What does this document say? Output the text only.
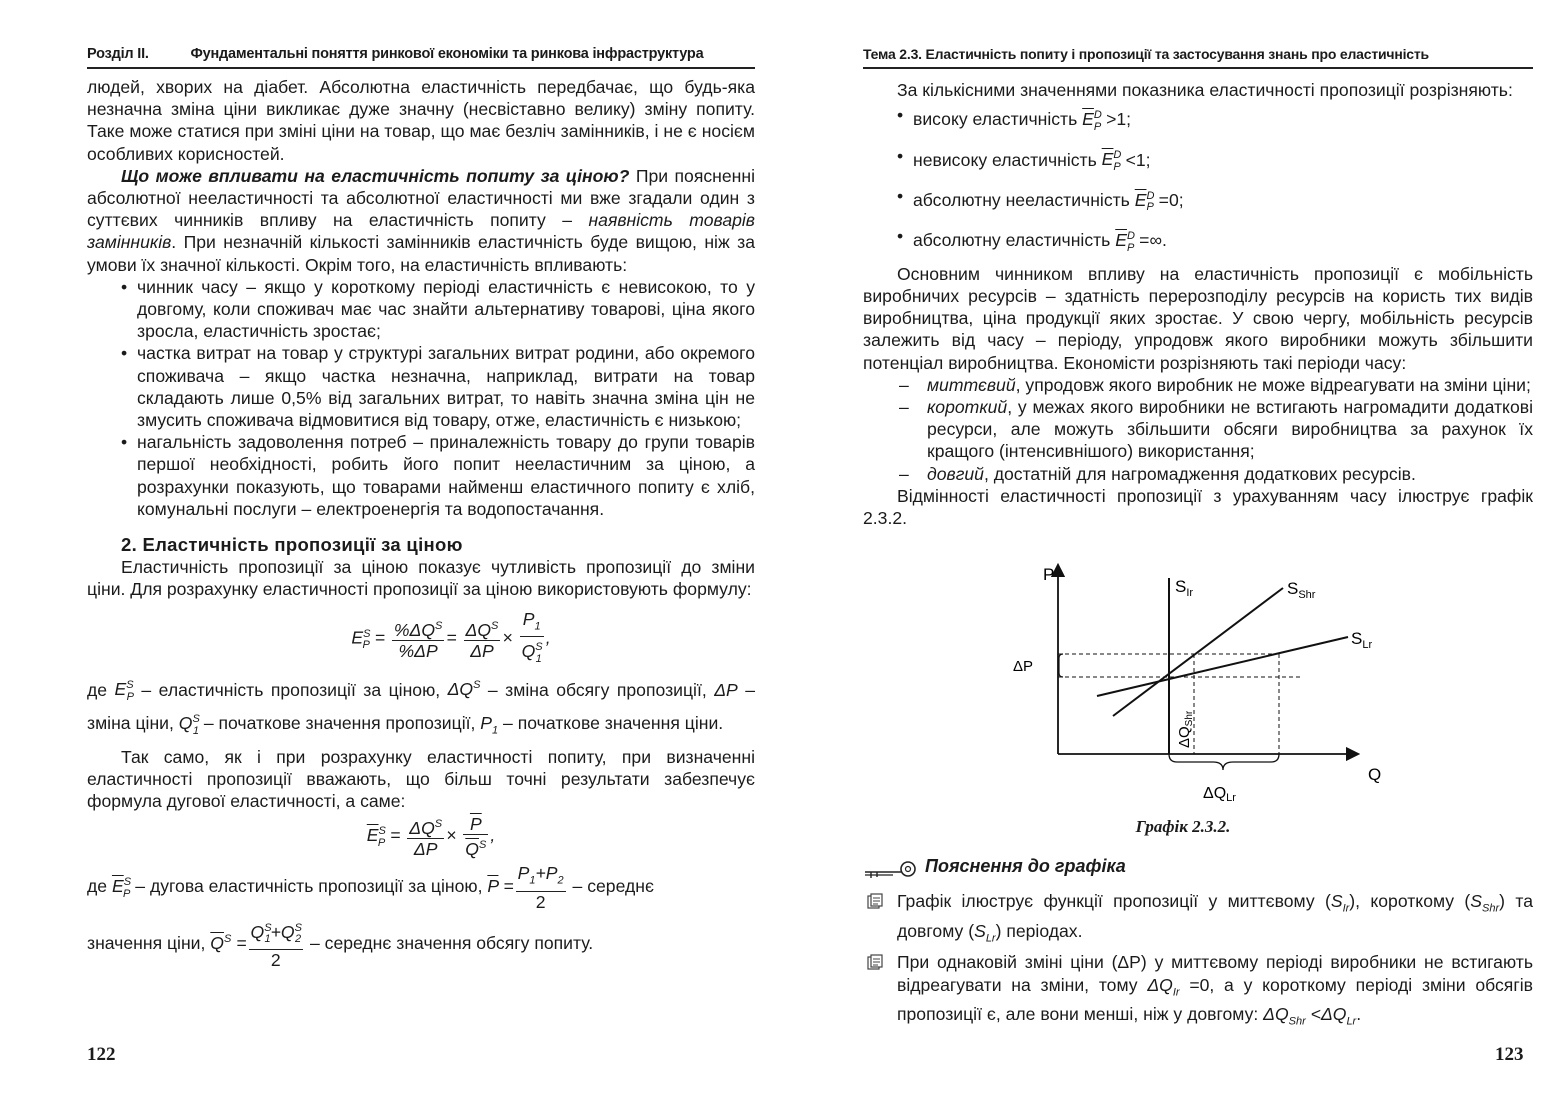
Розділ II.	Фундаментальні поняття ринкової економіки та ринкова інфраструктура

людей, хворих на діабет. Абсолютна еластичність передбачає, що будь-яка незначна зміна ціни викликає дуже значну (несвіставно велику) зміну попиту. Таке може статися при зміні ціни на товар, що має безліч замінників, і не є носієм особливих корисностей.

Що може впливати на еластичність попиту за ціною? При поясненні абсолютної нееластичності та абсолютної еластичності ми вже згадали один з суттєвих чинників впливу на еластичність попиту – наявність товарів замінників. При незначній кількості замінників еластичність буде вищою, ніж за умови їх значної кількості. Окрім того, на еластичність впливають:

• чинник часу – якщо у короткому періоді еластичність є невисокою, то у довгому, коли споживач має час знайти альтернативу товарові, ціна якого зросла, еластичність зростає;
• частка витрат на товар у структурі загальних витрат родини, або окремого споживача – якщо частка незначна, наприклад, витрати на товар складають лише 0,5% від загальних витрат, то навіть значна зміна цін не змусить споживача відмовитися від товару, отже, еластичність є низькою;
• нагальність задоволення потреб – приналежність товару до групи товарів першої необхідності, робить його попит нееластичним за ціною, а розрахунки показують, що товарами найменш еластичного попиту є хліб, комунальні послуги – електроенергія та водопостачання.

2. Еластичність пропозиції за ціною

Еластичність пропозиції за ціною показує чутливість пропозиції до зміни ціни. Для розрахунку еластичності пропозиції за ціною використовують формулу:

$E^S_P = \frac{\%\Delta Q^S}{\%\Delta P} = \frac{\Delta Q^S}{\Delta P} \times \frac{P_1}{Q^S_1}$ ,

де $E^S_P$ – еластичність пропозиції за ціною, $\Delta Q^S$ – зміна обсягу пропозиції, ΔP – зміна ціни, $Q^S_1$ – початкове значення пропозиції, $P_1$ – початкове значення ціни.

Так само, як і при розрахунку еластичності попиту, при визначенні еластичності пропозиції вважають, що більш точні результати забезпечує формула дугової еластичності, а саме:

$\overline{E}^S_P = \frac{\Delta Q^S}{\Delta P} \times \frac{\overline{P}}{\overline{Q}^S}$ ,

де $\overline{E}^S_P$ – дугова еластичність пропозиції за ціною, $\overline{P} = \frac{P_1+P_2}{2}$ – середнє

значення ціни, $\overline{Q}^S = \frac{Q^S_1+Q^S_2}{2}$ – середнє значення обсягу попиту.

122
Тема 2.3. Еластичність попиту і пропозиції та застосування знань про еластичність

За кількісними значеннями показника еластичності пропозиції розрізняють:

• високу еластичність $\overline{E}^D_P >1$;
• невисоку еластичність $\overline{E}^D_P <1$;
• абсолютну нееластичність $\overline{E}^D_P =0$;
• абсолютну еластичність $\overline{E}^D_P$ =∞.

Основним чинником впливу на еластичність пропозиції є мобільність виробничих ресурсів – здатність перерозподілу ресурсів на користь тих видів виробництва, ціна продукції яких зростає. У свою чергу, мобільність ресурсів залежить від часу – періоду, упродовж якого виробники можуть збільшити потенціал виробництва. Економісти розрізняють такі періоди часу:

– миттєвий, упродовж якого виробник не може відреагувати на зміни ціни;
– короткий, у межах якого виробники не встигають нагромадити додаткові ресурси, але можуть збільшити обсяги виробництва за рахунок їх кращого (інтенсивнішого) використання;
– довгий, достатній для нагромадження додаткових ресурсів.

Відмінності еластичності пропозиції з урахуванням часу ілюструє графік 2.3.2.

P
Q
ΔP
ΔQLr
$\Delta Q_{Shr}$
$S_{Ir}$	$S_{Shr}$
$S_{Lr}$
Графік 2.3.2.
Пояснення до графіка

Графік ілюструє функції пропозиції у миттєвому $(S_{Ir})$, короткому $(S_{Shr})$ та довгому $(S_{Lr})$ періодах.

При однаковій зміні ціни (ΔP) у миттєвому періоді виробники не встигають відреагувати на зміни, тому $\Delta Q_{Ir} =0$, а у короткому періоді зміни обсягів пропозиції є, але вони менші, ніж у довгому: $\Delta Q_{Shr} <\Delta Q_{Lr}$.

123
